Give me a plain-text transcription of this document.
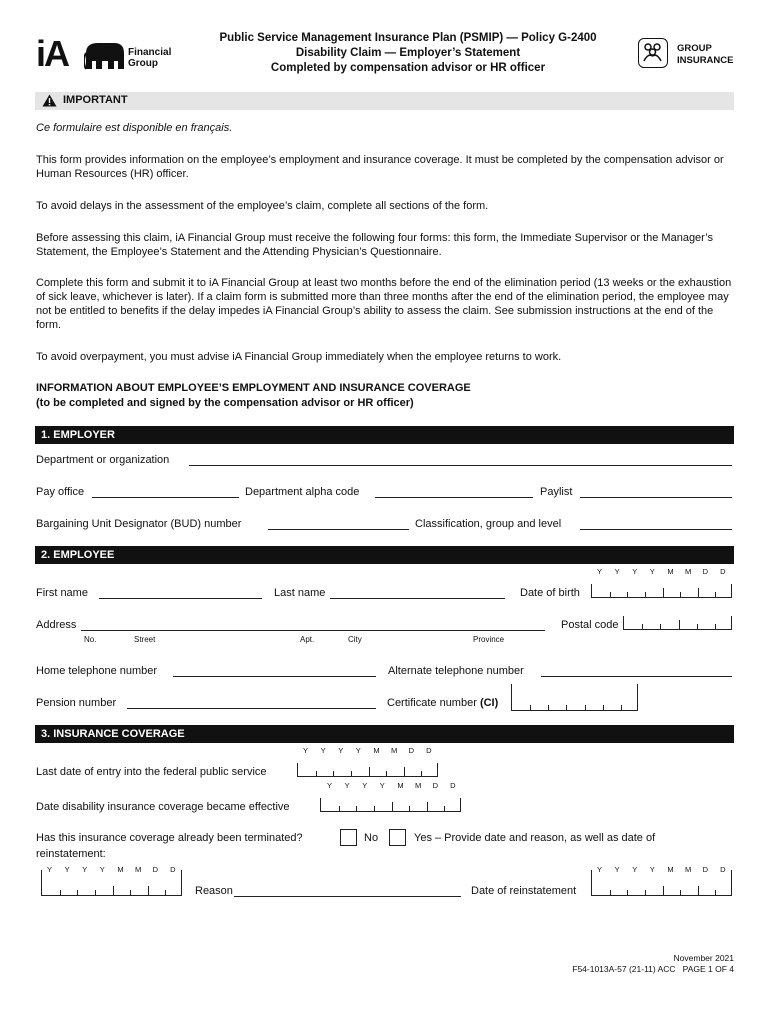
iA	Financial
Group
Public Service Management Insurance Plan (PSMIP) — Policy G-2400
Disability Claim — Employer’s Statement
Completed by compensation advisor or HR officer
GROUP
INSURANCE
IMPORTANT
Ce formulaire est disponible en français.
This form provides information on the employee’s employment and insurance coverage. It must be completed by the compensation advisor or Human Resources (HR) officer.
To avoid delays in the assessment of the employee’s claim, complete all sections of the form.
Before assessing this claim, iA Financial Group must receive the following four forms: this form, the Immediate Supervisor or the Manager’s Statement, the Employee’s Statement and the Attending Physician’s Questionnaire.
Complete this form and submit it to iA Financial Group at least two months before the end of the elimination period (13 weeks or the exhaustion of sick leave, whichever is later). If a claim form is submitted more than three months after the end of the elimination period, the employee may not be entitled to benefits if the delay impedes iA Financial Group’s ability to assess the claim. See submission instructions at the end of the form.
To avoid overpayment, you must advise iA Financial Group immediately when the employee returns to work.
INFORMATION ABOUT EMPLOYEE’S EMPLOYMENT AND INSURANCE COVERAGE
(to be completed and signed by the compensation advisor or HR officer)
1. EMPLOYER
Department or organization
Pay office	Department alpha code	Paylist
Bargaining Unit Designator (BUD) number	Classification, group and level
2. EMPLOYEE
Y Y Y Y M M D D
First name	Last name	Date of birth
Address	Postal code
No.	Street	Apt.	City	Province
Home telephone number	Alternate telephone number
Pension number	Certificate number (CI)
3. INSURANCE COVERAGE
Y Y Y Y M M D D
Last date of entry into the federal public service
Y Y Y Y M M D D
Date disability insurance coverage became effective
Has this insurance coverage already been terminated?
reinstatement:
No	Yes – Provide date and reason, as well as date of
Y Y Y Y M M D D
Reason
Y Y Y Y M M D D
Date of reinstatement
November 2021
F54-1013A-57 (21-11) ACC PAGE 1 OF 4
